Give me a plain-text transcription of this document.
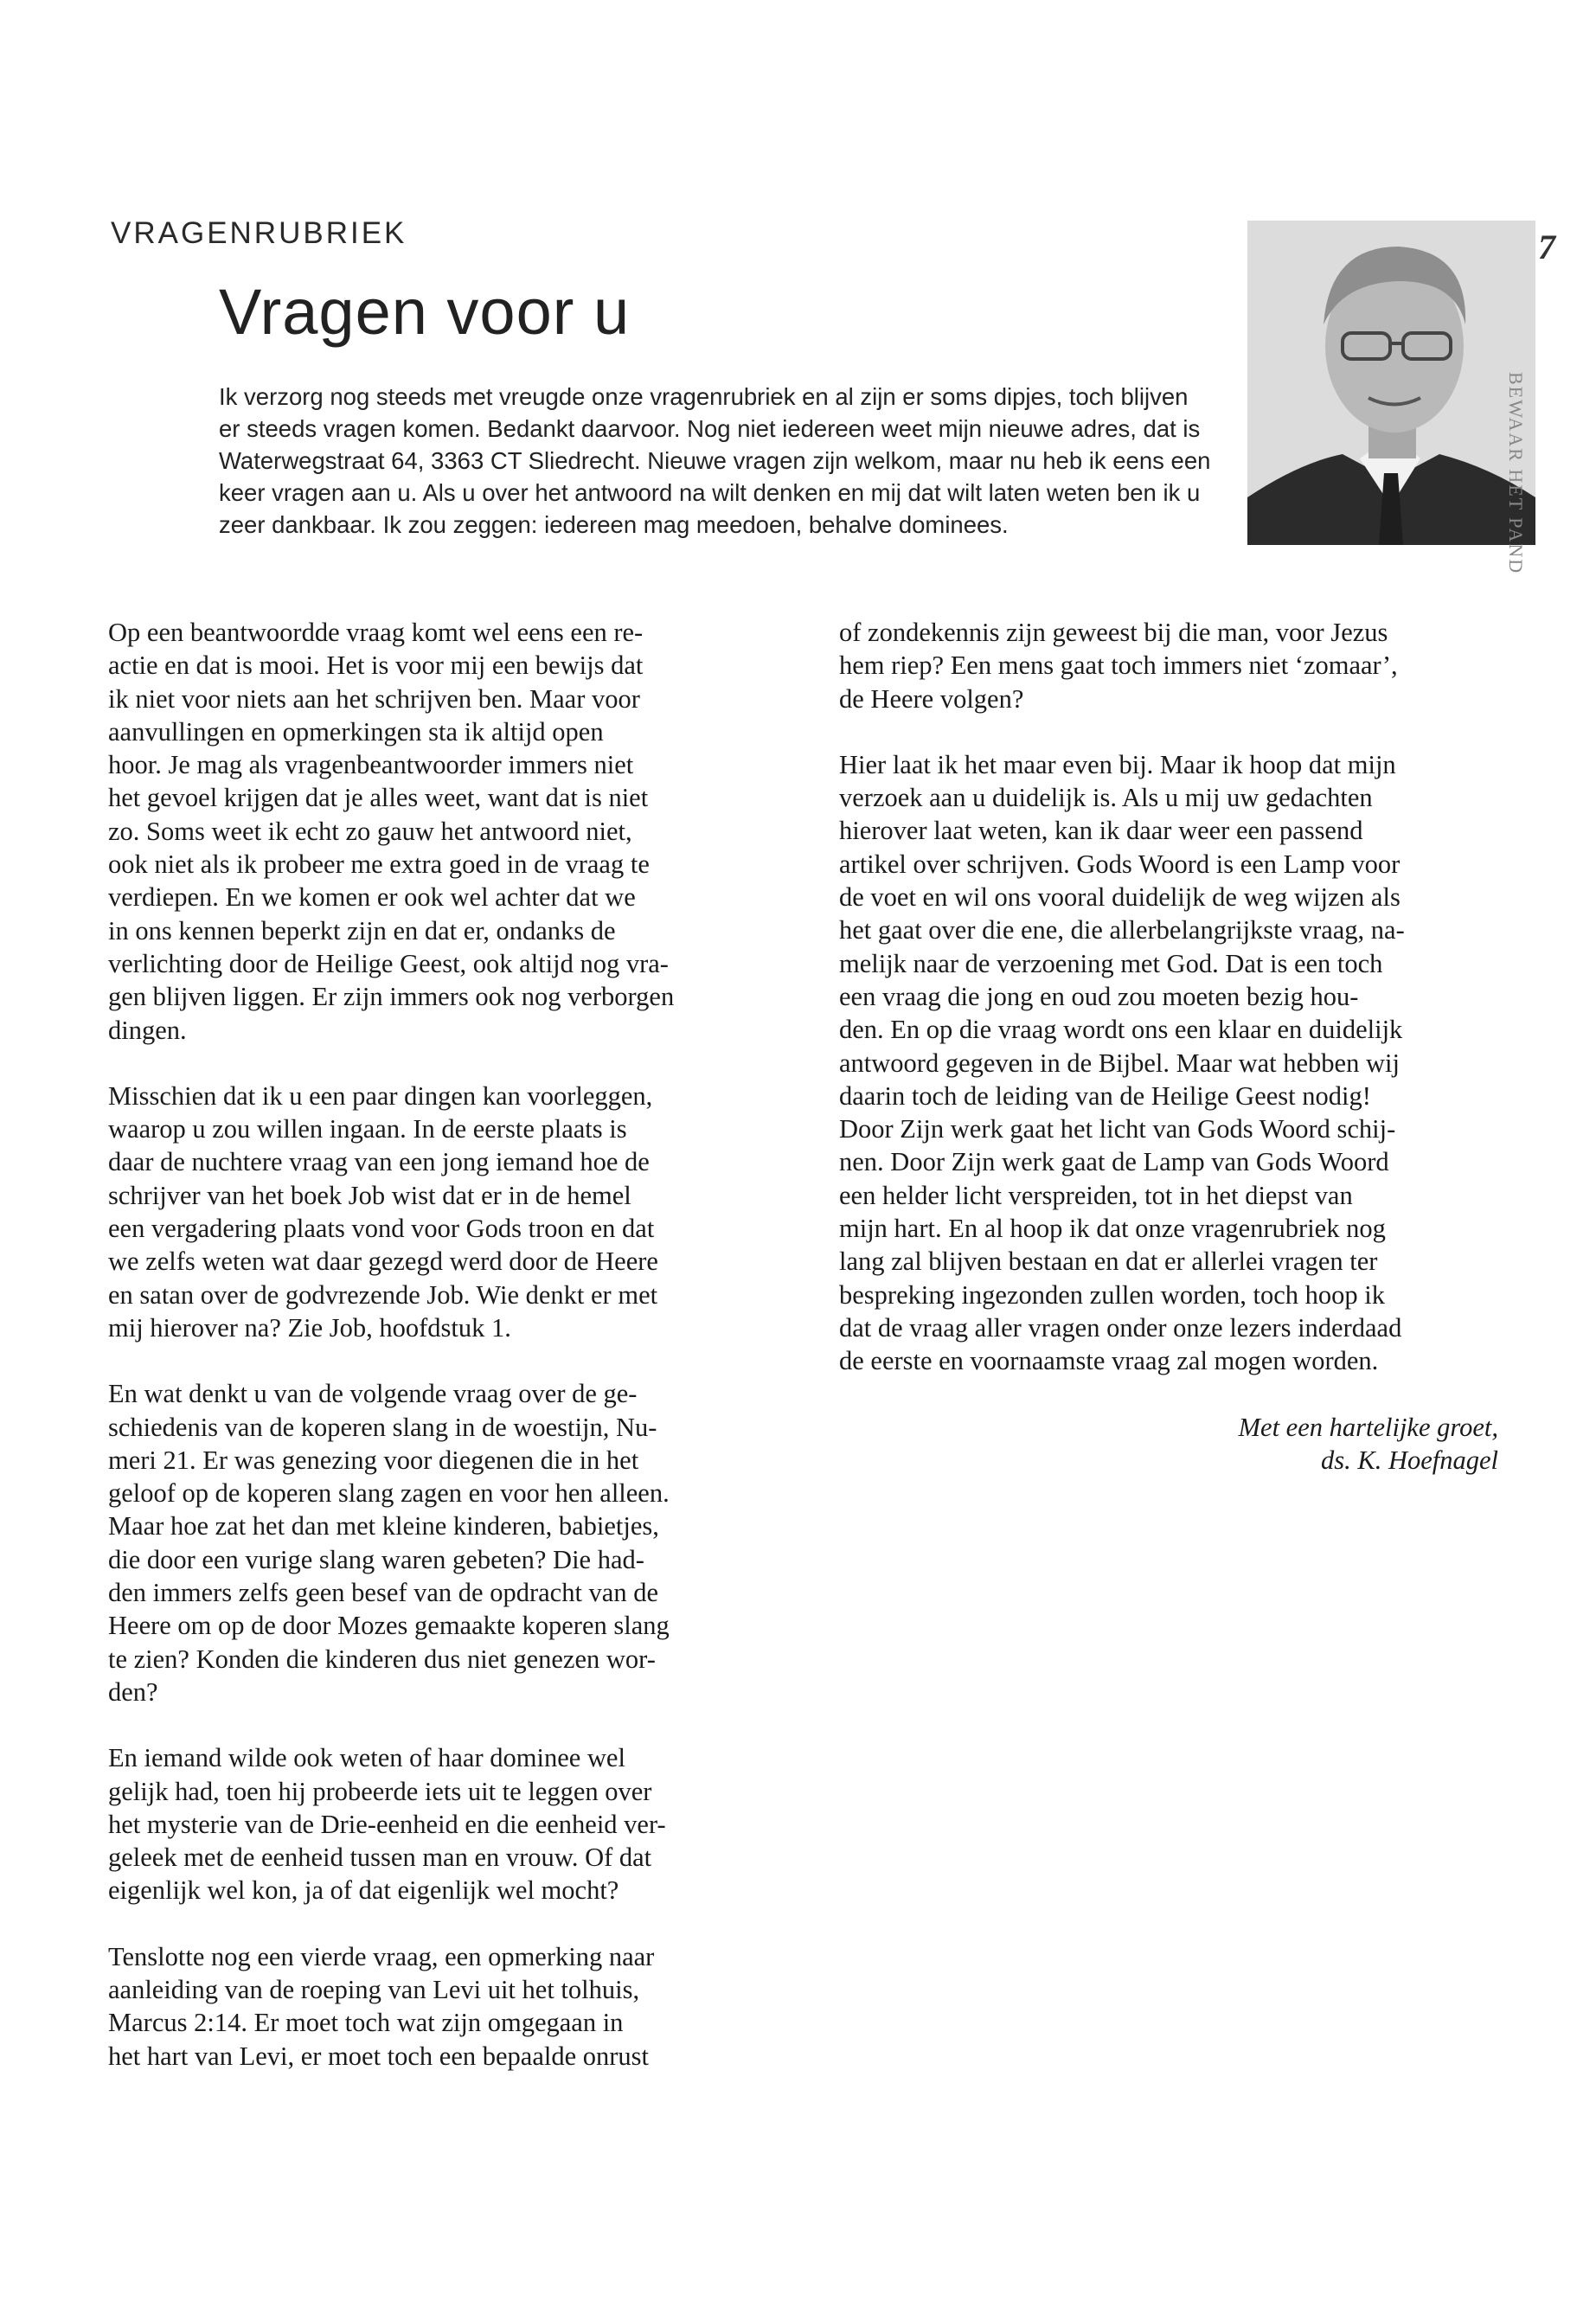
VRAGENRUBRIEK
Vragen voor u

Ik verzorg nog steeds met vreugde onze vragenrubriek en al zijn er soms dipjes, toch blijven
er steeds vragen komen. Bedankt daarvoor. Nog niet iedereen weet mijn nieuwe adres, dat is
Waterwegstraat 64, 3363 CT Sliedrecht. Nieuwe vragen zijn welkom, maar nu heb ik eens een
keer vragen aan u. Als u over het antwoord na wilt denken en mij dat wilt laten weten ben ik u
zeer dankbaar. Ik zou zeggen: iedereen mag meedoen, behalve dominees.

7
BEWAAR HET PAND

Op een beantwoordde vraag komt wel eens een re-
actie en dat is mooi. Het is voor mij een bewijs dat
ik niet voor niets aan het schrijven ben. Maar voor
aanvullingen en opmerkingen sta ik altijd open
hoor. Je mag als vragenbeantwoorder immers niet
het gevoel krijgen dat je alles weet, want dat is niet
zo. Soms weet ik echt zo gauw het antwoord niet,
ook niet als ik probeer me extra goed in de vraag te
verdiepen. En we komen er ook wel achter dat we
in ons kennen beperkt zijn en dat er, ondanks de
verlichting door de Heilige Geest, ook altijd nog vra-
gen blijven liggen. Er zijn immers ook nog verborgen
dingen.

Misschien dat ik u een paar dingen kan voorleggen,
waarop u zou willen ingaan. In de eerste plaats is
daar de nuchtere vraag van een jong iemand hoe de
schrijver van het boek Job wist dat er in de hemel
een vergadering plaats vond voor Gods troon en dat
we zelfs weten wat daar gezegd werd door de Heere
en satan over de godvrezende Job. Wie denkt er met
mij hierover na? Zie Job, hoofdstuk 1.

En wat denkt u van de volgende vraag over de ge-
schiedenis van de koperen slang in de woestijn, Nu-
meri 21. Er was genezing voor diegenen die in het
geloof op de koperen slang zagen en voor hen alleen.
Maar hoe zat het dan met kleine kinderen, babietjes,
die door een vurige slang waren gebeten? Die had-
den immers zelfs geen besef van de opdracht van de
Heere om op de door Mozes gemaakte koperen slang
te zien? Konden die kinderen dus niet genezen wor-
den?

En iemand wilde ook weten of haar dominee wel
gelijk had, toen hij probeerde iets uit te leggen over
het mysterie van de Drie-eenheid en die eenheid ver-
geleek met de eenheid tussen man en vrouw. Of dat
eigenlijk wel kon, ja of dat eigenlijk wel mocht?

Tenslotte nog een vierde vraag, een opmerking naar
aanleiding van de roeping van Levi uit het tolhuis,
Marcus 2:14. Er moet toch wat zijn omgegaan in
het hart van Levi, er moet toch een bepaalde onrust

of zondekennis zijn geweest bij die man, voor Jezus
hem riep? Een mens gaat toch immers niet ‘zomaar’,
de Heere volgen?

Hier laat ik het maar even bij. Maar ik hoop dat mijn
verzoek aan u duidelijk is. Als u mij uw gedachten
hierover laat weten, kan ik daar weer een passend
artikel over schrijven. Gods Woord is een Lamp voor
de voet en wil ons vooral duidelijk de weg wijzen als
het gaat over die ene, die allerbelangrijkste vraag, na-
melijk naar de verzoening met God. Dat is een toch
een vraag die jong en oud zou moeten bezig hou-
den. En op die vraag wordt ons een klaar en duidelijk
antwoord gegeven in de Bijbel. Maar wat hebben wij
daarin toch de leiding van de Heilige Geest nodig!
Door Zijn werk gaat het licht van Gods Woord schij-
nen. Door Zijn werk gaat de Lamp van Gods Woord
een helder licht verspreiden, tot in het diepst van
mijn hart. En al hoop ik dat onze vragenrubriek nog
lang zal blijven bestaan en dat er allerlei vragen ter
bespreking ingezonden zullen worden, toch hoop ik
dat de vraag aller vragen onder onze lezers inderdaad
de eerste en voornaamste vraag zal mogen worden.

Met een hartelijke groet,
ds. K. Hoefnagel
